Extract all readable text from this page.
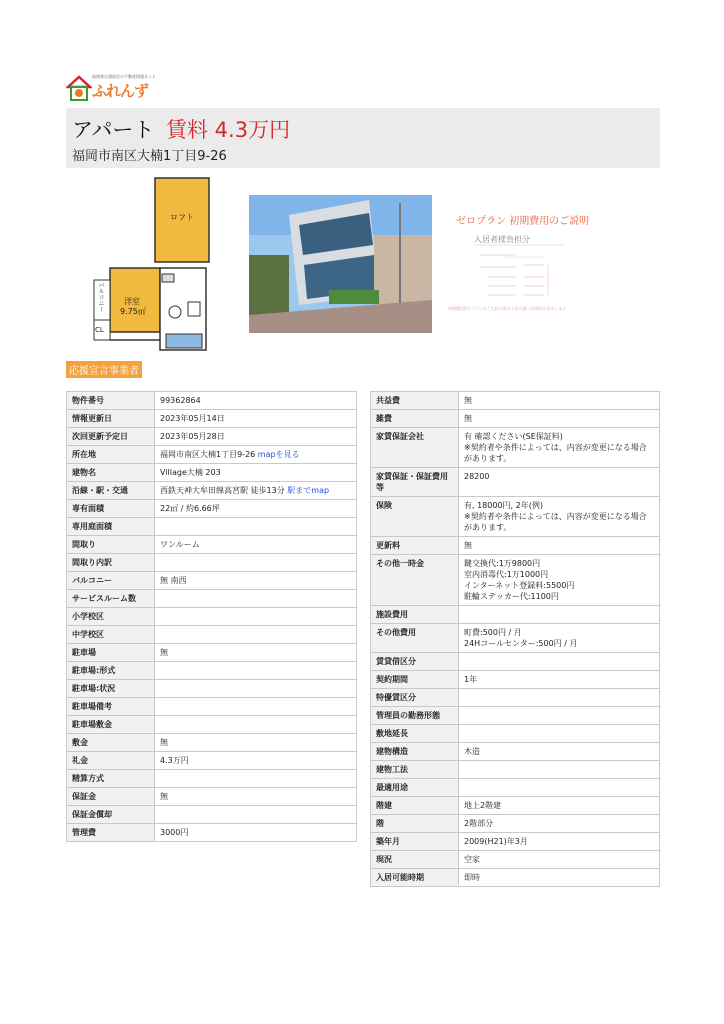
福岡県宅建協会の不動産情報ネット
ふれんず
アパート 賃料 4.3万円
福岡市南区大楠1丁目9-26
ロフト
洋室
9.75㎡
バルコニー
CL
ゼロプラン 初期費用のご説明
入居者様負担分
初期費用0円プランのご入居の際は下記の通り利用料が発生します
応援宣言事業者
物件番号	99362864
情報更新日	2023年05月14日
次回更新予定日	2023年05月28日
所在地	福岡市南区大楠1丁目9-26 mapを見る
建物名	Village大楠 203
沿線・駅・交通	西鉄天神大牟田線高宮駅 徒歩13分 駅までmap
専有面積	22㎡ / 約6.66坪
専用庭面積	
間取り	ワンルーム
間取り内訳	
バルコニー	無 南西
サービスルーム数	
小学校区	
中学校区	
駐車場	無
駐車場:形式	
駐車場:状況	
駐車場備考	
駐車場敷金	
敷金	無
礼金	4.3万円
精算方式	
保証金	無
保証金償却	
管理費	3000円
共益費	無
雑費	無
家賃保証会社	有 確認ください(SE保証料)
※契約者や条件によっては、内容が変更になる場合があります。
家賃保証・保証費用等	28200
保険	有, 18000円, 2年(例)
※契約者や条件によっては、内容が変更になる場合があります。
更新料	無
その他一時金	鍵交換代:1万9800円
室内消毒代:1万1000円
インターネット登録料:5500円
駐輪ステッカー代:1100円
施設費用	
その他費用	町費:500円 / 月
24Hコールセンター:500円 / 月
賃貸借区分	
契約期間	1年
特優賃区分	
管理員の勤務形態	
敷地延長	
建物構造	木造
建物工法	
最適用途	
階建	地上2階建
階	2階部分
築年月	2009(H21)年3月
現況	空家
入居可能時期	即時
